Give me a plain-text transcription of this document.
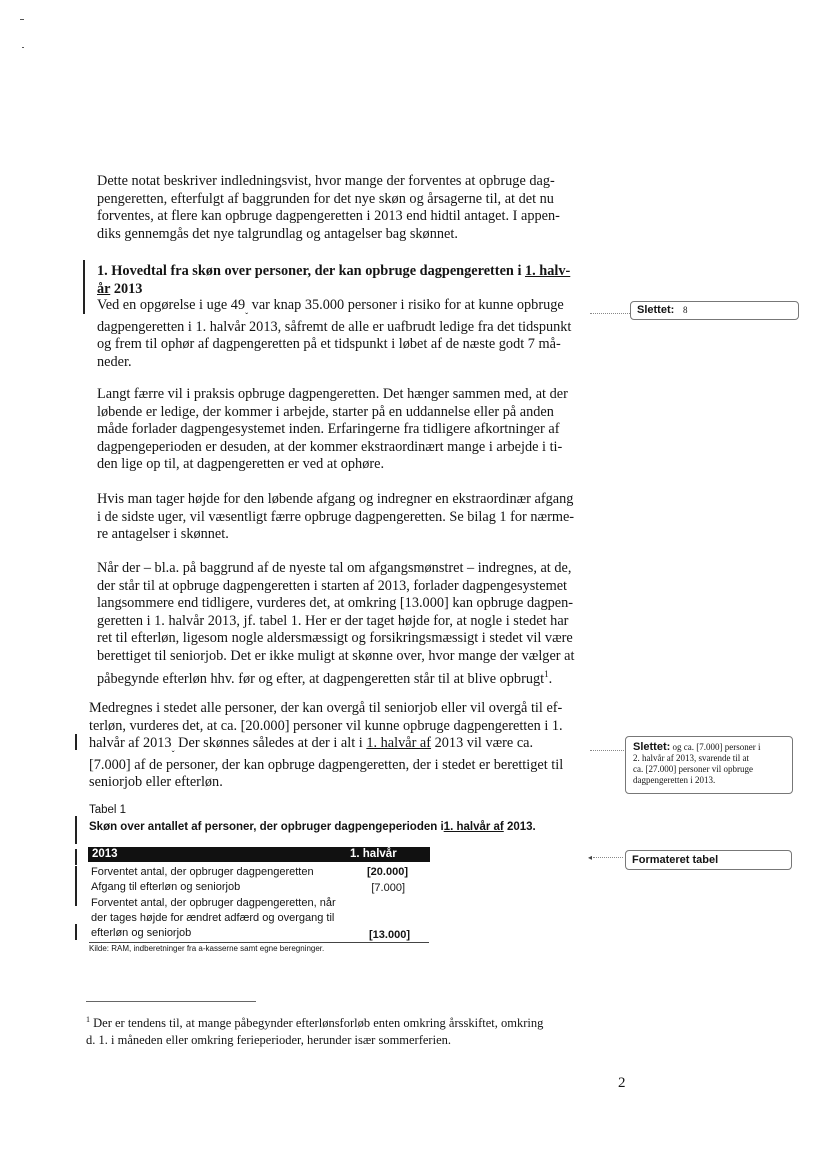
Dette notat beskriver indledningsvist, hvor mange der forventes at opbruge dag-
pengeretten, efterfulgt af baggrunden for det nye skøn og årsagerne til, at det nu
forventes, at flere kan opbruge dagpengeretten i 2013 end hidtil antaget. I appen-
diks gennemgås det nye talgrundlag og antagelser bag skønnet.
1. Hovedtal fra skøn over personer, der kan opbruge dagpengeretten i 1. halv-
år 2013
Ved en opgørelse i uge $49_ˬ$ var knap 35.000 personer i risiko for at kunne opbruge
dagpengeretten i 1. halvår 2013, såfremt de alle er uafbrudt ledige fra det tidspunkt
og frem til ophør af dagpengeretten på et tidspunkt i løbet af de næste godt 7 må-
neder.
Langt færre vil i praksis opbruge dagpengeretten. Det hænger sammen med, at der
løbende er ledige, der kommer i arbejde, starter på en uddannelse eller på anden
måde forlader dagpengesystemet inden. Erfaringerne fra tidligere afkortninger af
dagpengeperioden er desuden, at der kommer ekstraordinært mange i arbejde i ti-
den lige op til, at dagpengeretten er ved at ophøre.
Hvis man tager højde for den løbende afgang og indregner en ekstraordinær afgang
i de sidste uger, vil væsentligt færre opbruge dagpengeretten. Se bilag 1 for nærme-
re antagelser i skønnet.
Når der – bl.a. på baggrund af de nyeste tal om afgangsmønstret – indregnes, at de,
der står til at opbruge dagpengeretten i starten af 2013, forlader dagpengesystemet
langsommere end tidligere, vurderes det, at omkring [13.000] kan opbruge dagpen-
geretten i 1. halvår 2013, jf. tabel 1. Her er der taget højde for, at nogle i stedet har
ret til efterløn, ligesom nogle aldersmæssigt og forsikringsmæssigt i stedet vil være
berettiget til seniorjob. Det er ikke muligt at skønne over, hvor mange der vælger at
påbegynde efterløn hhv. før og efter, at dagpengeretten står til at blive opbrugt$^1$.
Medregnes i stedet alle personer, der kan overgå til seniorjob eller vil overgå til ef-
terløn, vurderes det, at ca. [20.000] personer vil kunne opbruge dagpengeretten i 1.
halvår af $2013_ˬ$ Der skønnes således at der i alt i 1. halvår af 2013 vil være ca.
[7.000] af de personer, der kan opbruge dagpengeretten, der i stedet er berettiget til
seniorjob eller efterløn.
Tabel 1
Skøn over antallet af personer, der opbruger dagpengeperioden i1. halvår af 2013.
2013	1. halvår
Forventet antal, der opbruger dagpengeretten	[20.000]
Afgang til efterløn og seniorjob	[7.000]
Forventet antal, der opbruger dagpengeretten, når
der tages højde for ændret adfærd og overgang til
efterløn og seniorjob	[13.000]
Kilde: RAM, indberetninger fra a-kasserne samt egne beregninger.
$^1$ Der er tendens til, at mange påbegynder efterlønsforløb enten omkring årsskiftet, omkring
d. 1. i måneden eller omkring ferieperioder, herunder især sommerferien.
2
◂
Slettet: 8
Slettet: og ca. [7.000] personer i
2. halvår af 2013, svarende til at
ca. [27.000] personer vil opbruge
dagpengeretten i 2013.
Formateret tabel
